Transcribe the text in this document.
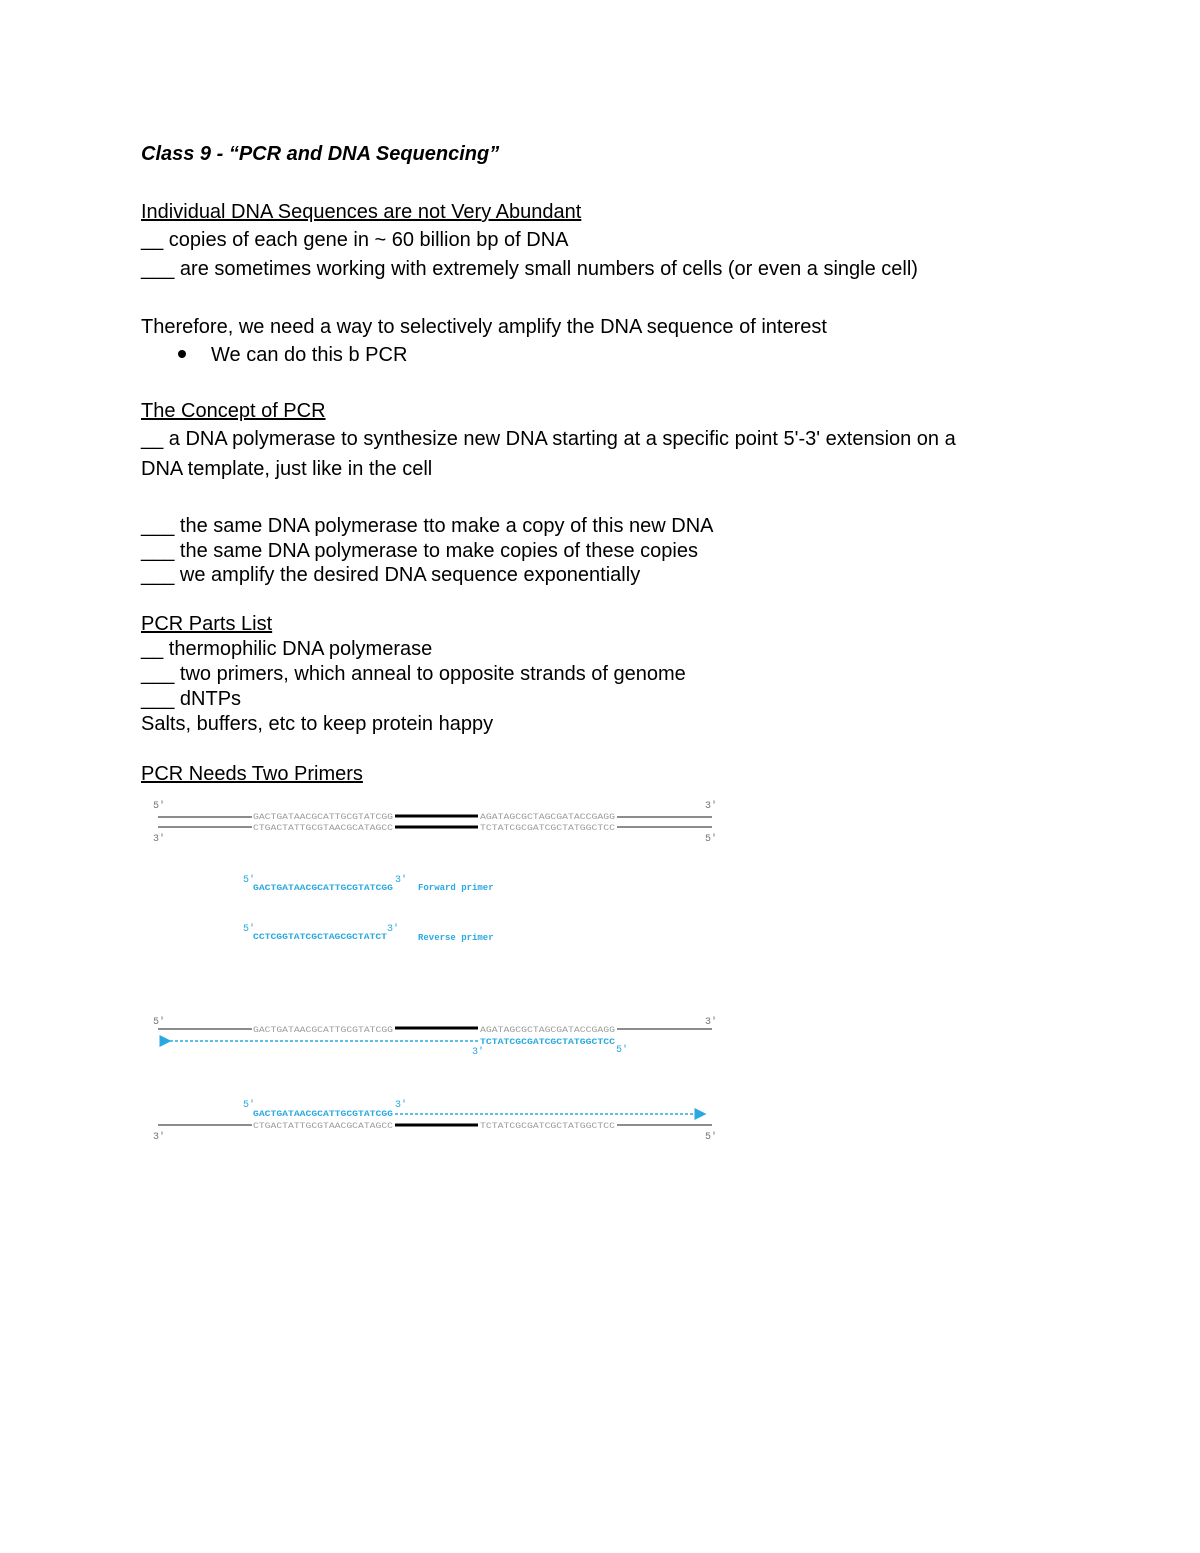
Class 9 - “PCR and DNA Sequencing”
Individual DNA Sequences are not Very Abundant
__ copies of each gene in ~ 60 billion bp of DNA
___ are sometimes working with extremely small numbers of cells (or even a single cell)
Therefore, we need a way to selectively amplify the DNA sequence of interest
We can do this b PCR
The Concept of PCR
__ a DNA polymerase to synthesize new DNA starting at a specific point 5'-3' extension on a
DNA template, just like in the cell
___ the same DNA polymerase tto make a copy of this new DNA
___ the same DNA polymerase to make copies of these copies
___ we amplify the desired DNA sequence exponentially
PCR Parts List
__ thermophilic DNA polymerase
___ two primers, which anneal to opposite strands of genome
___ dNTPs
Salts, buffers, etc to keep protein happy
PCR Needs Two Primers
5′	3′
GACTGATAACGCATTGCGTATCGG	AGATAGCGCTAGCGATACCGAGG
CTGACTATTGCGTAACGCATAGCC	TCTATCGCGATCGCTATGGCTCC
3′	5′
5′	3′
GACTGATAACGCATTGCGTATCGG	Forward primer
5′	3′
CCTCGGTATCGCTAGCGCTATCT	Reverse primer
5′	3′
GACTGATAACGCATTGCGTATCGG	AGATAGCGCTAGCGATACCGAGG
TCTATCGCGATCGCTATGGCTCC
3′	5′
5′	3′
GACTGATAACGCATTGCGTATCGG
CTGACTATTGCGTAACGCATAGCC	TCTATCGCGATCGCTATGGCTCC
3′	5′
